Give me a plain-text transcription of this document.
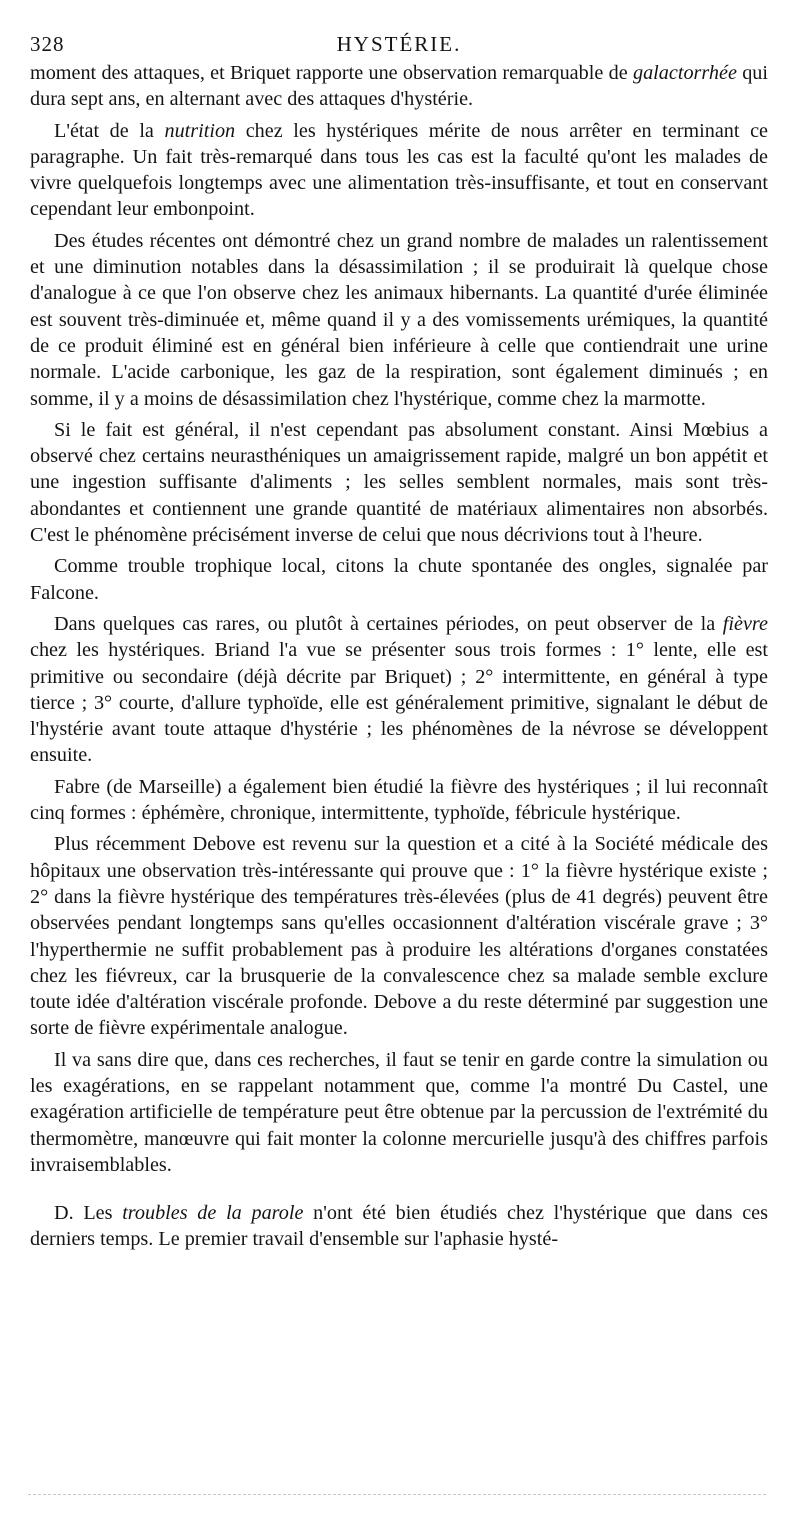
328	HYSTÉRIE.

moment des attaques, et Briquet rapporte une observation remarquable de galactorrhée qui dura sept ans, en alternant avec des attaques d'hystérie.

L'état de la nutrition chez les hystériques mérite de nous arrêter en terminant ce paragraphe. Un fait très-remarqué dans tous les cas est la faculté qu'ont les malades de vivre quelquefois longtemps avec une alimentation très-insuffisante, et tout en conservant cependant leur embonpoint.

Des études récentes ont démontré chez un grand nombre de malades un ralentissement et une diminution notables dans la désassimilation ; il se produirait là quelque chose d'analogue à ce que l'on observe chez les animaux hibernants. La quantité d'urée éliminée est souvent très-diminuée et, même quand il y a des vomissements urémiques, la quantité de ce produit éliminé est en général bien inférieure à celle que contiendrait une urine normale. L'acide carbonique, les gaz de la respiration, sont également diminués ; en somme, il y a moins de désassimilation chez l'hystérique, comme chez la marmotte.

Si le fait est général, il n'est cependant pas absolument constant. Ainsi Mœbius a observé chez certains neurasthéniques un amaigrissement rapide, malgré un bon appétit et une ingestion suffisante d'aliments ; les selles semblent normales, mais sont très-abondantes et contiennent une grande quantité de matériaux alimentaires non absorbés. C'est le phénomène précisément inverse de celui que nous décrivions tout à l'heure.

Comme trouble trophique local, citons la chute spontanée des ongles, signalée par Falcone.

Dans quelques cas rares, ou plutôt à certaines périodes, on peut observer de la fièvre chez les hystériques. Briand l'a vue se présenter sous trois formes : 1° lente, elle est primitive ou secondaire (déjà décrite par Briquet) ; 2° intermittente, en général à type tierce ; 3° courte, d'allure typhoïde, elle est généralement primitive, signalant le début de l'hystérie avant toute attaque d'hystérie ; les phénomènes de la névrose se développent ensuite.

Fabre (de Marseille) a également bien étudié la fièvre des hystériques ; il lui reconnaît cinq formes : éphémère, chronique, intermittente, typhoïde, fébricule hystérique.

Plus récemment Debove est revenu sur la question et a cité à la Société médicale des hôpitaux une observation très-intéressante qui prouve que : 1° la fièvre hystérique existe ; 2° dans la fièvre hystérique des températures très-élevées (plus de 41 degrés) peuvent être observées pendant longtemps sans qu'elles occasionnent d'altération viscérale grave ; 3° l'hyperthermie ne suffit probablement pas à produire les altérations d'organes constatées chez les fiévreux, car la brusquerie de la convalescence chez sa malade semble exclure toute idée d'altération viscérale profonde. Debove a du reste déterminé par suggestion une sorte de fièvre expérimentale analogue.

Il va sans dire que, dans ces recherches, il faut se tenir en garde contre la simulation ou les exagérations, en se rappelant notamment que, comme l'a montré Du Castel, une exagération artificielle de température peut être obtenue par la percussion de l'extrémité du thermomètre, manœuvre qui fait monter la colonne mercurielle jusqu'à des chiffres parfois invraisemblables.

D. Les troubles de la parole n'ont été bien étudiés chez l'hystérique que dans ces derniers temps. Le premier travail d'ensemble sur l'aphasie hysté-
